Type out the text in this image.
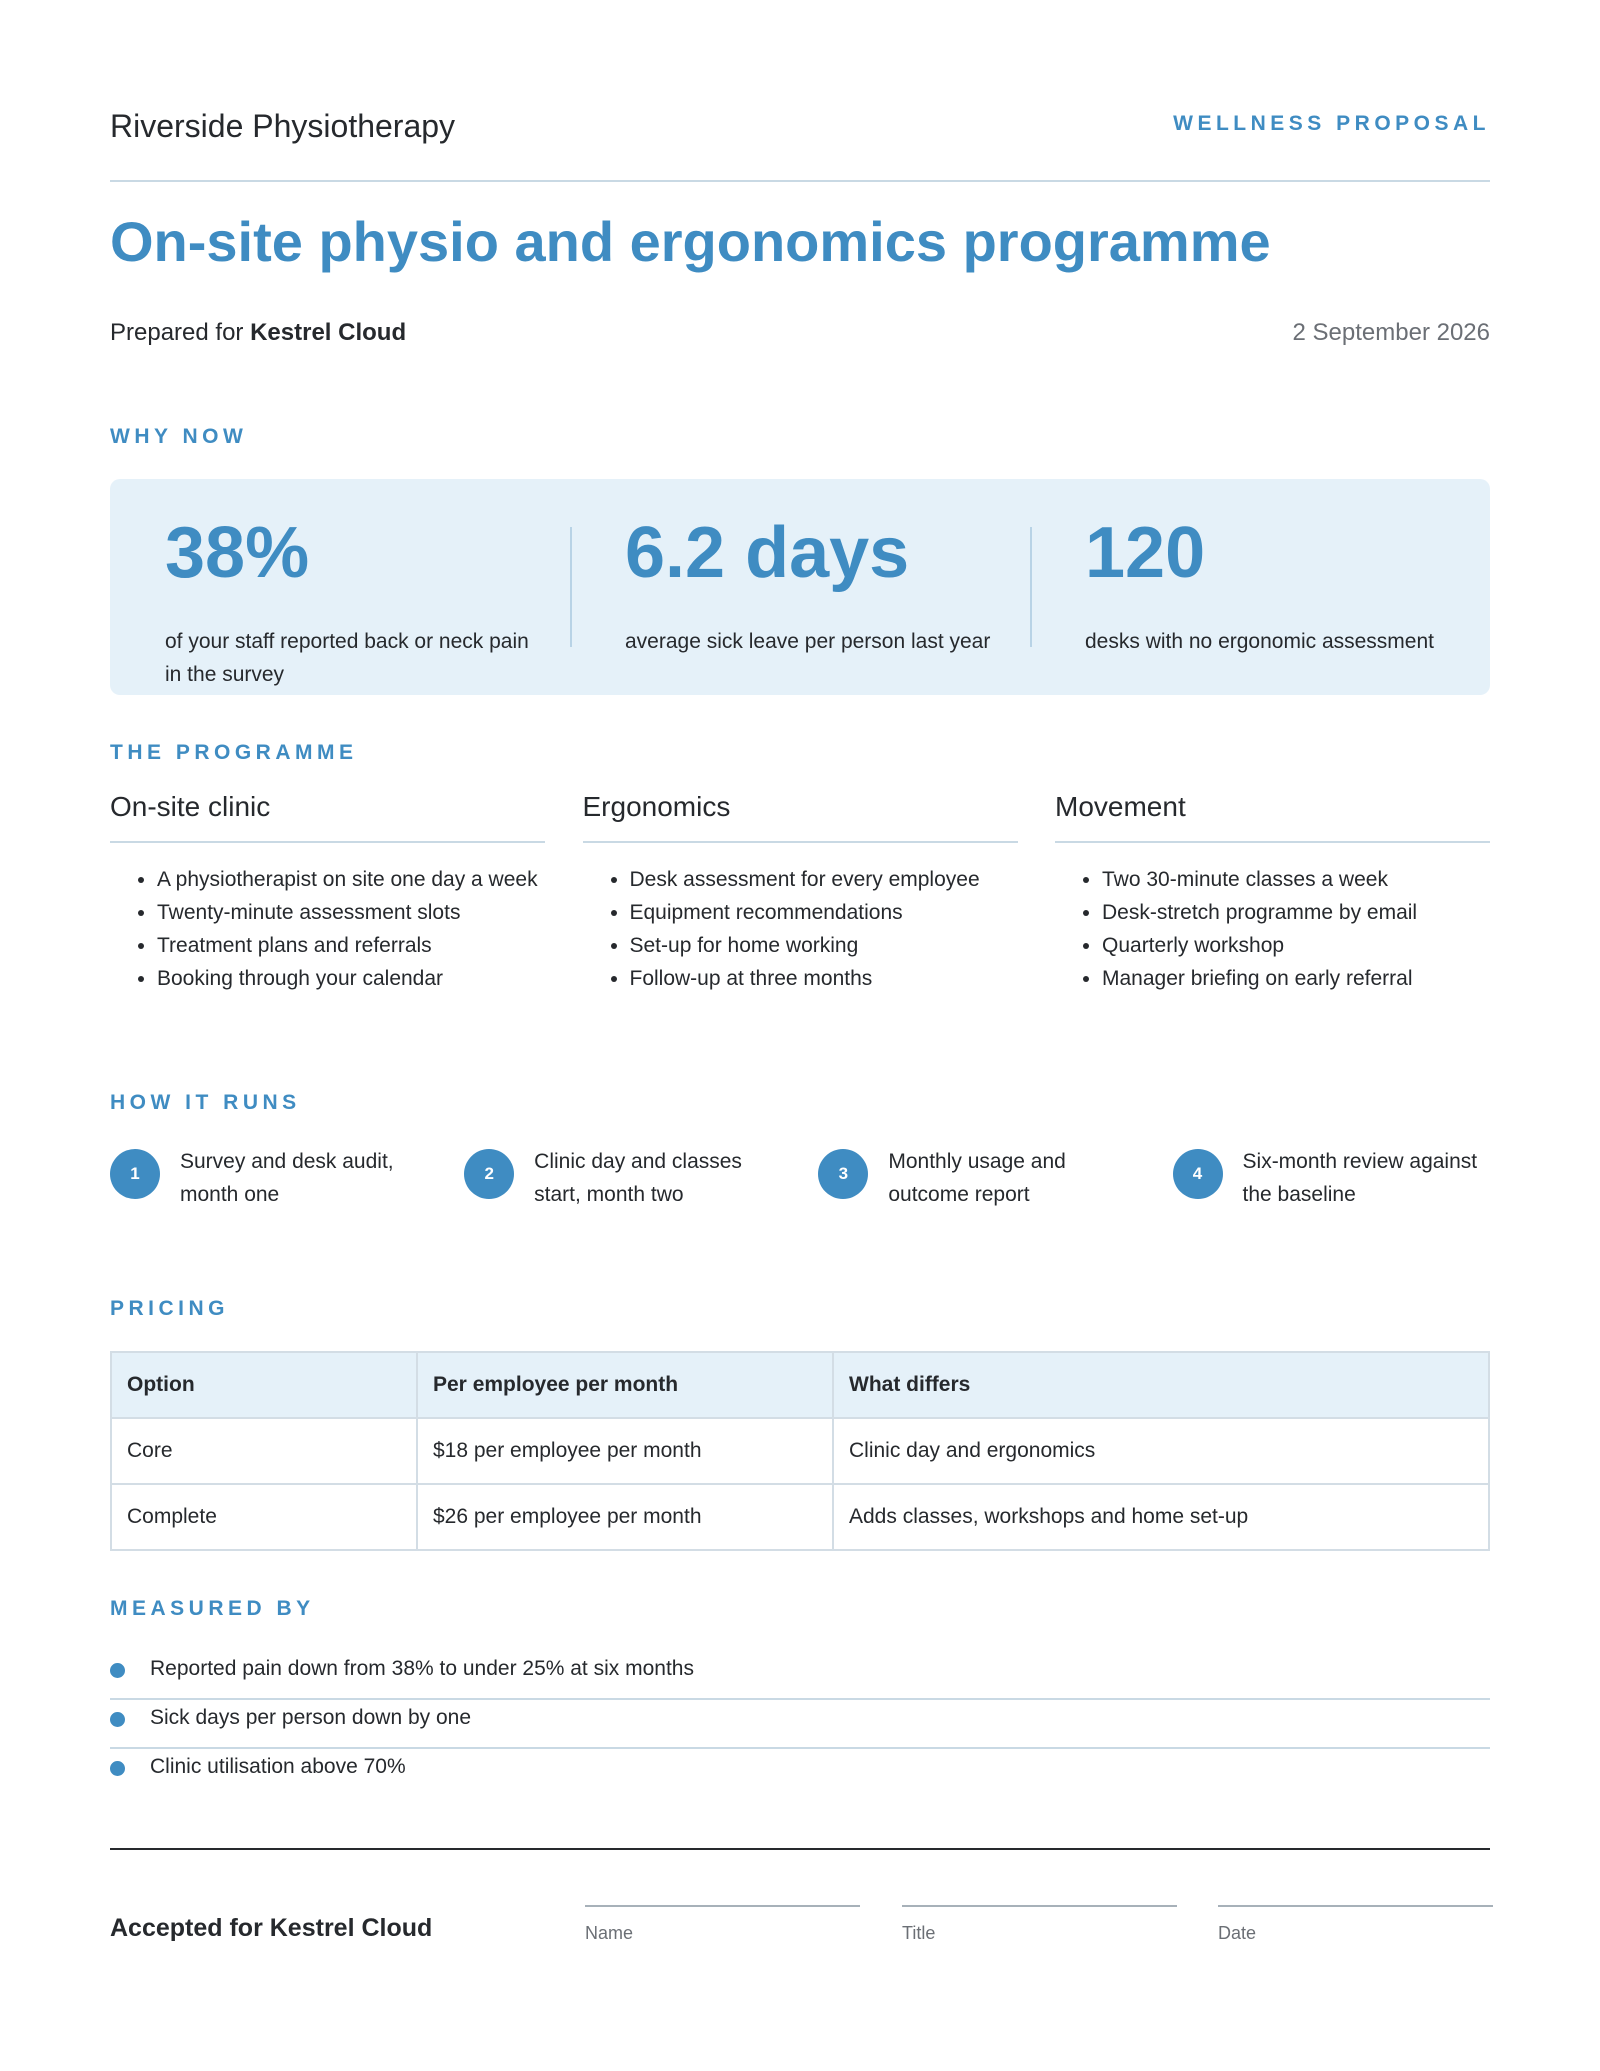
Riverside Physiotherapy	WELLNESS PROPOSAL
On-site physio and ergonomics programme
Prepared for Kestrel Cloud	2 September 2026
WHY NOW
38%
of your staff reported back or neck pain in the survey
6.2 days
average sick leave per person last year
120
desks with no ergonomic assessment
THE PROGRAMME
On-site clinic
• A physiotherapist on site one day a week
• Twenty-minute assessment slots
• Treatment plans and referrals
• Booking through your calendar
Ergonomics
• Desk assessment for every employee
• Equipment recommendations
• Set-up for home working
• Follow-up at three months
Movement
• Two 30-minute classes a week
• Desk-stretch programme by email
• Quarterly workshop
• Manager briefing on early referral
HOW IT RUNS
1
Survey and desk audit, month one
2
Clinic day and classes start, month two
3
Monthly usage and outcome report
4
Six-month review against the baseline
PRICING
Option	Per employee per month	What differs
Core	$18 per employee per month	Clinic day and ergonomics
Complete	$26 per employee per month	Adds classes, workshops and home set-up
MEASURED BY
Reported pain down from 38% to under 25% at six months
Sick days per person down by one
Clinic utilisation above 70%
Accepted for Kestrel Cloud	Name	Title	Date
